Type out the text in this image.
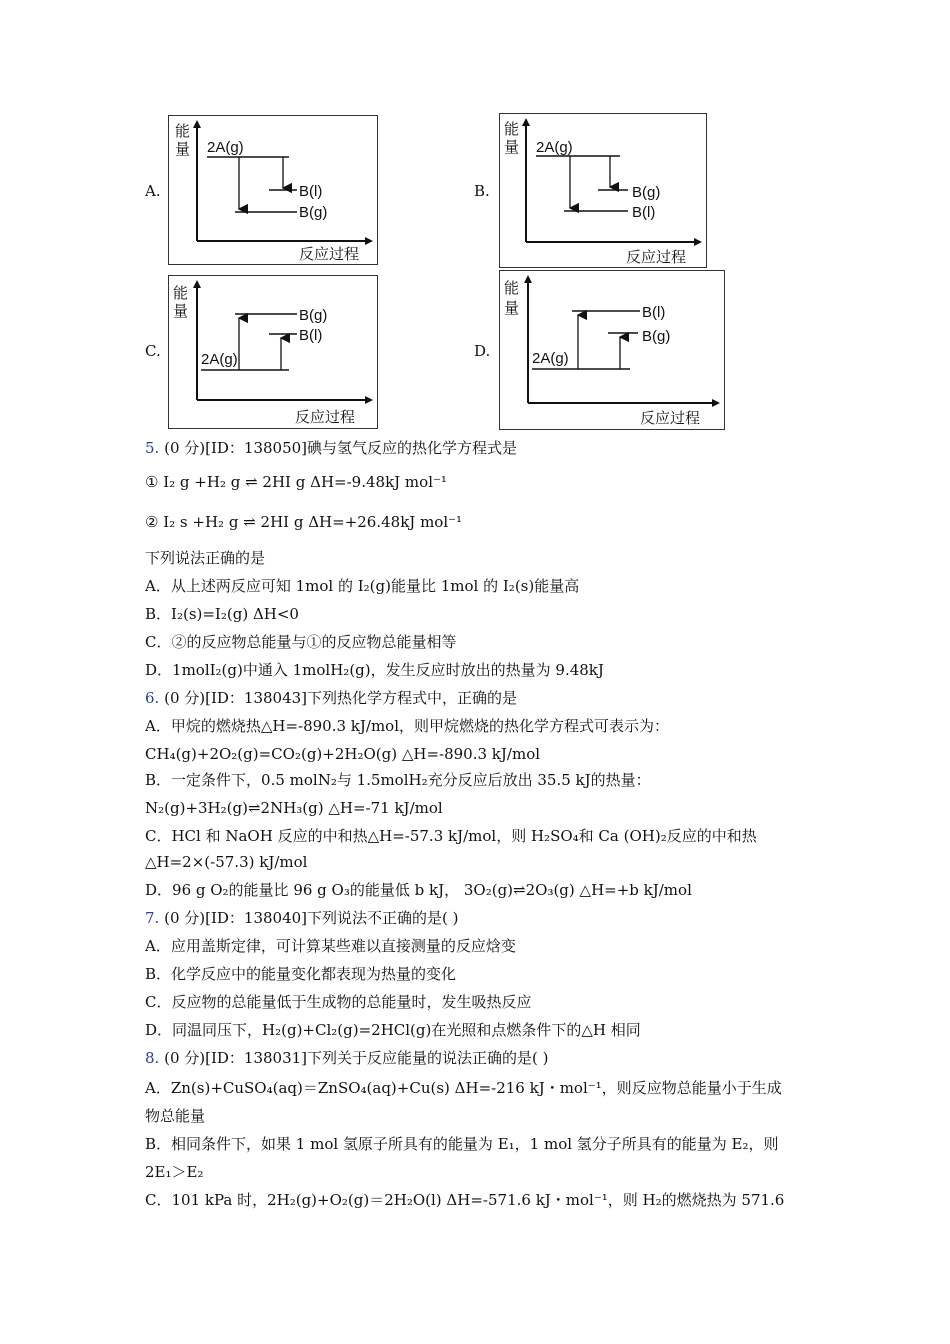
A.
能
量 2A(g)
B(l)
B(g)
反应过程
B.
能
量 2A(g)
B(g)
B(l)
反应过程
C.
能
量	B(g)
B(l)
2A(g)
反应过程
D.
能
量	B(l)
B(g)
2A(g)
反应过程
5. (0 分)[ID：138050]碘与氢气反应的热化学方程式是
① I₂ g +H₂ g ⇌ 2HI g ΔH=-9.48kJ mol⁻¹
② I₂ s +H₂ g ⇌ 2HI g ΔH=+26.48kJ mol⁻¹
下列说法正确的是
A．从上述两反应可知 1mol 的 I₂(g)能量比 1mol 的 I₂(s)能量高
B．I₂(s)=I₂(g) ΔH<0
C．②的反应物总能量与①的反应物总能量相等
D．1molI₂(g)中通入 1molH₂(g)，发生反应时放出的热量为 9.48kJ
6. (0 分)[ID：138043]下列热化学方程式中，正确的是
A．甲烷的燃烧热△H=-890.3 kJ/mol，则甲烷燃烧的热化学方程式可表示为：
CH₄(g)+2O₂(g)=CO₂(g)+2H₂O(g) △H=-890.3 kJ/mol
B．一定条件下，0.5 molN₂与 1.5molH₂充分反应后放出 35.5 kJ的热量：
N₂(g)+3H₂(g)⇌2NH₃(g) △H=-71 kJ/mol
C．HCl 和 NaOH 反应的中和热△H=-57.3 kJ/mol，则 H₂SO₄和 Ca (OH)₂反应的中和热
△H=2×(-57.3) kJ/mol
D．96 g O₂的能量比 96 g O₃的能量低 b kJ， 3O₂(g)⇌2O₃(g) △H=+b kJ/mol
7. (0 分)[ID：138040]下列说法不正确的是( )
A．应用盖斯定律，可计算某些难以直接测量的反应焓变
B．化学反应中的能量变化都表现为热量的变化
C．反应物的总能量低于生成物的总能量时，发生吸热反应
D．同温同压下，H₂(g)+Cl₂(g)=2HCl(g)在光照和点燃条件下的△H 相同
8. (0 分)[ID：138031]下列关于反应能量的说法正确的是( )
A．Zn(s)+CuSO₄(aq)＝ZnSO₄(aq)+Cu(s) ΔH=-216 kJ・mol⁻¹，则反应物总能量小于生成
物总能量
B．相同条件下，如果 1 mol 氢原子所具有的能量为 E₁，1 mol 氢分子所具有的能量为 E₂，则
2E₁＞E₂
C．101 kPa 时，2H₂(g)+O₂(g)＝2H₂O(l) ΔH=-571.6 kJ・mol⁻¹，则 H₂的燃烧热为 571.6
